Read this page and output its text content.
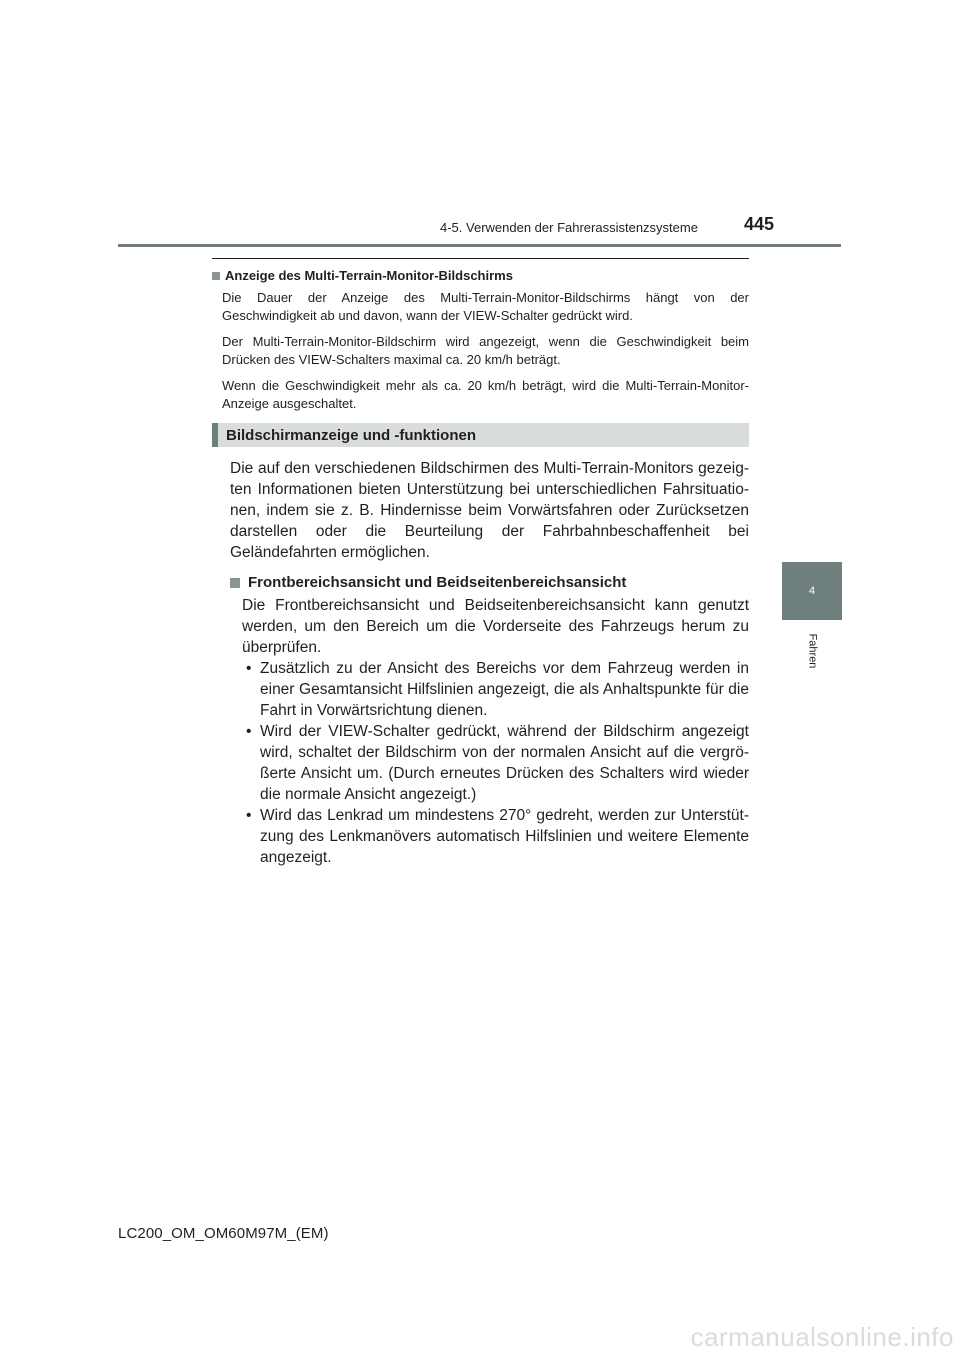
4-5. Verwenden der Fahrerassistenzsysteme	445
4
Fahren
Anzeige des Multi-Terrain-Monitor-Bildschirms

Die Dauer der Anzeige des Multi-Terrain-Monitor-Bildschirms hängt von der Geschwindigkeit ab und davon, wann der VIEW-Schalter gedrückt wird.

Der Multi-Terrain-Monitor-Bildschirm wird angezeigt, wenn die Geschwindigkeit beim Drücken des VIEW-Schalters maximal ca. 20 km/h beträgt.

Wenn die Geschwindigkeit mehr als ca. 20 km/h beträgt, wird die Multi-Terrain-Monitor-Anzeige ausgeschaltet.

Bildschirmanzeige und -funktionen

Die auf den verschiedenen Bildschirmen des Multi-Terrain-Monitors gezeigten Informationen bieten Unterstützung bei unterschiedlichen Fahrsituationen, indem sie z. B. Hindernisse beim Vorwärtsfahren oder Zurücksetzen darstellen oder die Beurteilung der Fahrbahnbeschaffenheit bei Geländefahrten ermöglichen.

Frontbereichsansicht und Beidseitenbereichsansicht

Die Frontbereichsansicht und Beidseitenbereichsansicht kann genutzt werden, um den Bereich um die Vorderseite des Fahrzeugs herum zu überprüfen.

• Zusätzlich zu der Ansicht des Bereichs vor dem Fahrzeug werden in einer Gesamtansicht Hilfslinien angezeigt, die als Anhaltspunkte für die Fahrt in Vorwärtsrichtung dienen.
• Wird der VIEW-Schalter gedrückt, während der Bildschirm angezeigt wird, schaltet der Bildschirm von der normalen Ansicht auf die vergrößerte Ansicht um. (Durch erneutes Drücken des Schalters wird wieder die normale Ansicht angezeigt.)
• Wird das Lenkrad um mindestens 270° gedreht, werden zur Unterstützung des Lenkmanövers automatisch Hilfslinien und weitere Elemente angezeigt.
LC200_OM_OM60M97M_(EM)
carmanualsonline.info
